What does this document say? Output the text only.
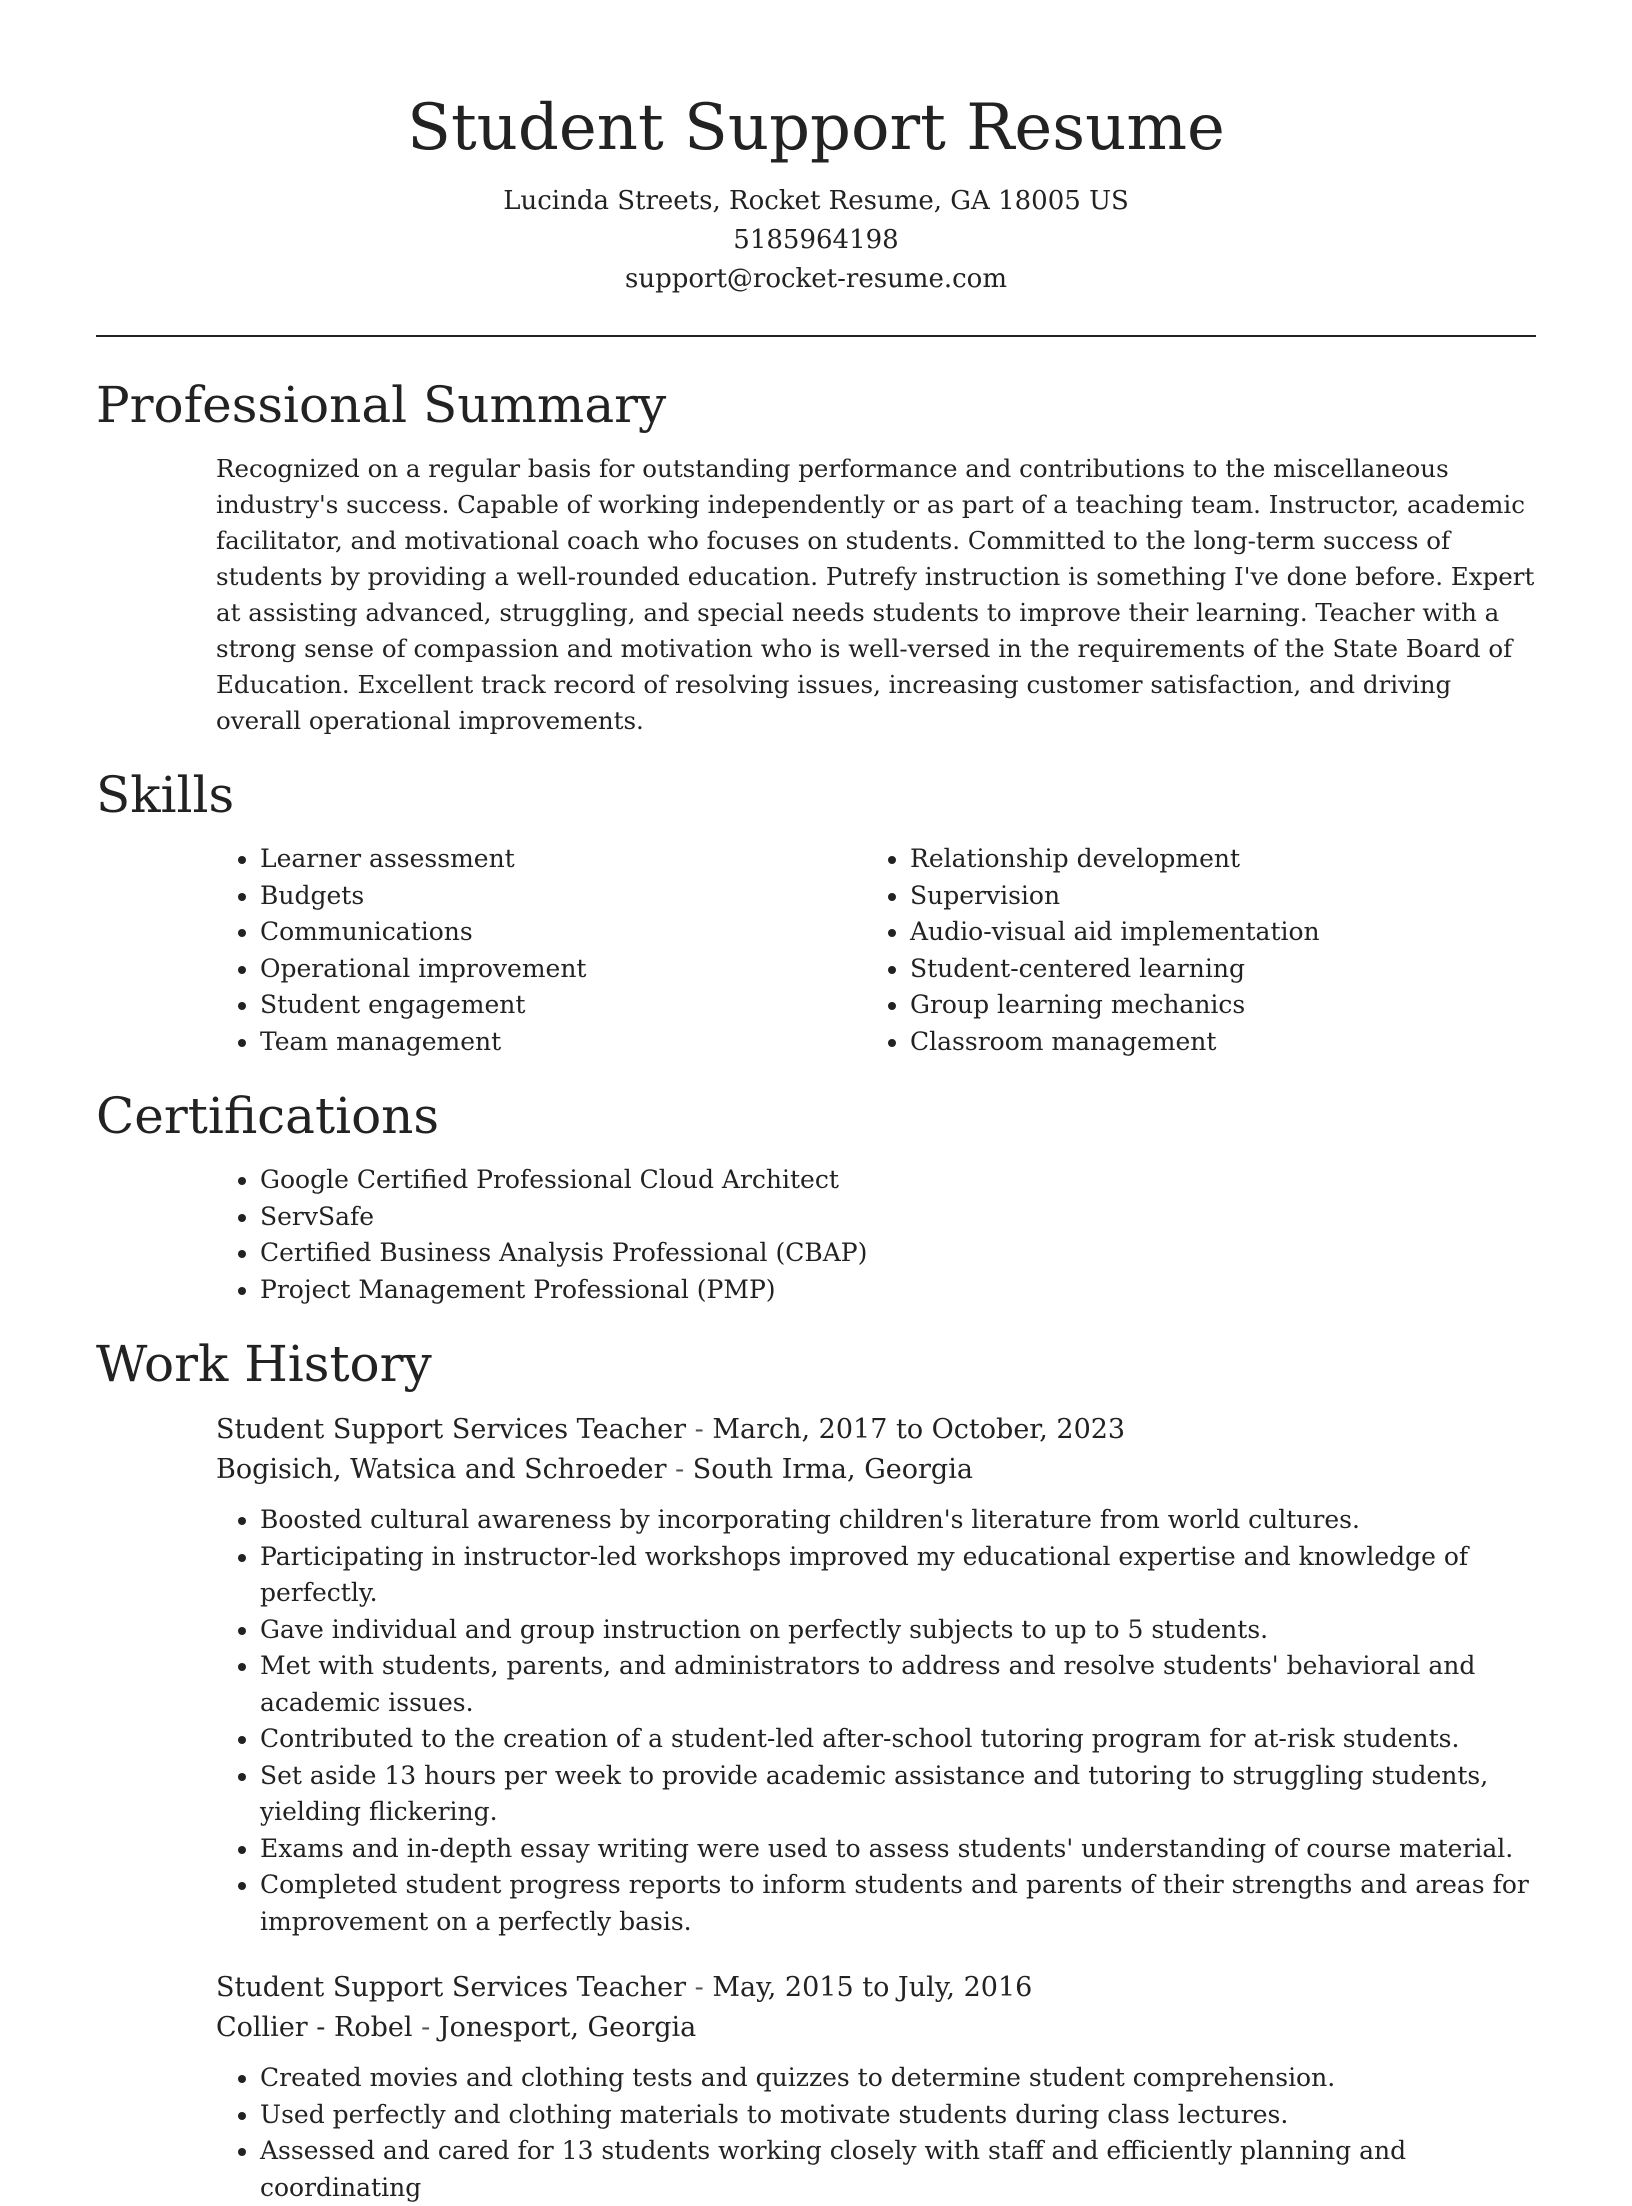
Student Support Resume

Lucinda Streets, Rocket Resume, GA 18005 US

5185964198

support@rocket-resume.com

Professional Summary

Recognized on a regular basis for outstanding performance and contributions to the miscellaneous industry's success. Capable of working independently or as part of a teaching team. Instructor, academic facilitator, and motivational coach who focuses on students. Committed to the long-term success of students by providing a well-rounded education. Putrefy instruction is something I've done before. Expert at assisting advanced, struggling, and special needs students to improve their learning. Teacher with a strong sense of compassion and motivation who is well-versed in the requirements of the State Board of Education. Excellent track record of resolving issues, increasing customer satisfaction, and driving overall operational improvements.

Skills
• Learner assessment
• Budgets
• Communications
• Operational improvement
• Student engagement
• Team management
• Relationship development
• Supervision
• Audio-visual aid implementation
• Student-centered learning
• Group learning mechanics
• Classroom management
Certifications
• Google Certified Professional Cloud Architect
• ServSafe
• Certified Business Analysis Professional (CBAP)
• Project Management Professional (PMP)
Work History

Student Support Services Teacher - March, 2017 to October, 2023

Bogisich, Watsica and Schroeder - South Irma, Georgia

• Boosted cultural awareness by incorporating children's literature from world cultures.
• Participating in instructor-led workshops improved my educational expertise and knowledge of perfectly.
• Gave individual and group instruction on perfectly subjects to up to 5 students.
• Met with students, parents, and administrators to address and resolve students' behavioral and academic issues.
• Contributed to the creation of a student-led after-school tutoring program for at-risk students.
• Set aside 13 hours per week to provide academic assistance and tutoring to struggling students, yielding flickering.
• Exams and in-depth essay writing were used to assess students' understanding of course material.
• Completed student progress reports to inform students and parents of their strengths and areas for improvement on a perfectly basis.

Student Support Services Teacher - May, 2015 to July, 2016

Collier - Robel - Jonesport, Georgia

• Created movies and clothing tests and quizzes to determine student comprehension.
• Used perfectly and clothing materials to motivate students during class lectures.
• Assessed and cared for 13 students working closely with staff and efficiently planning and coordinating
